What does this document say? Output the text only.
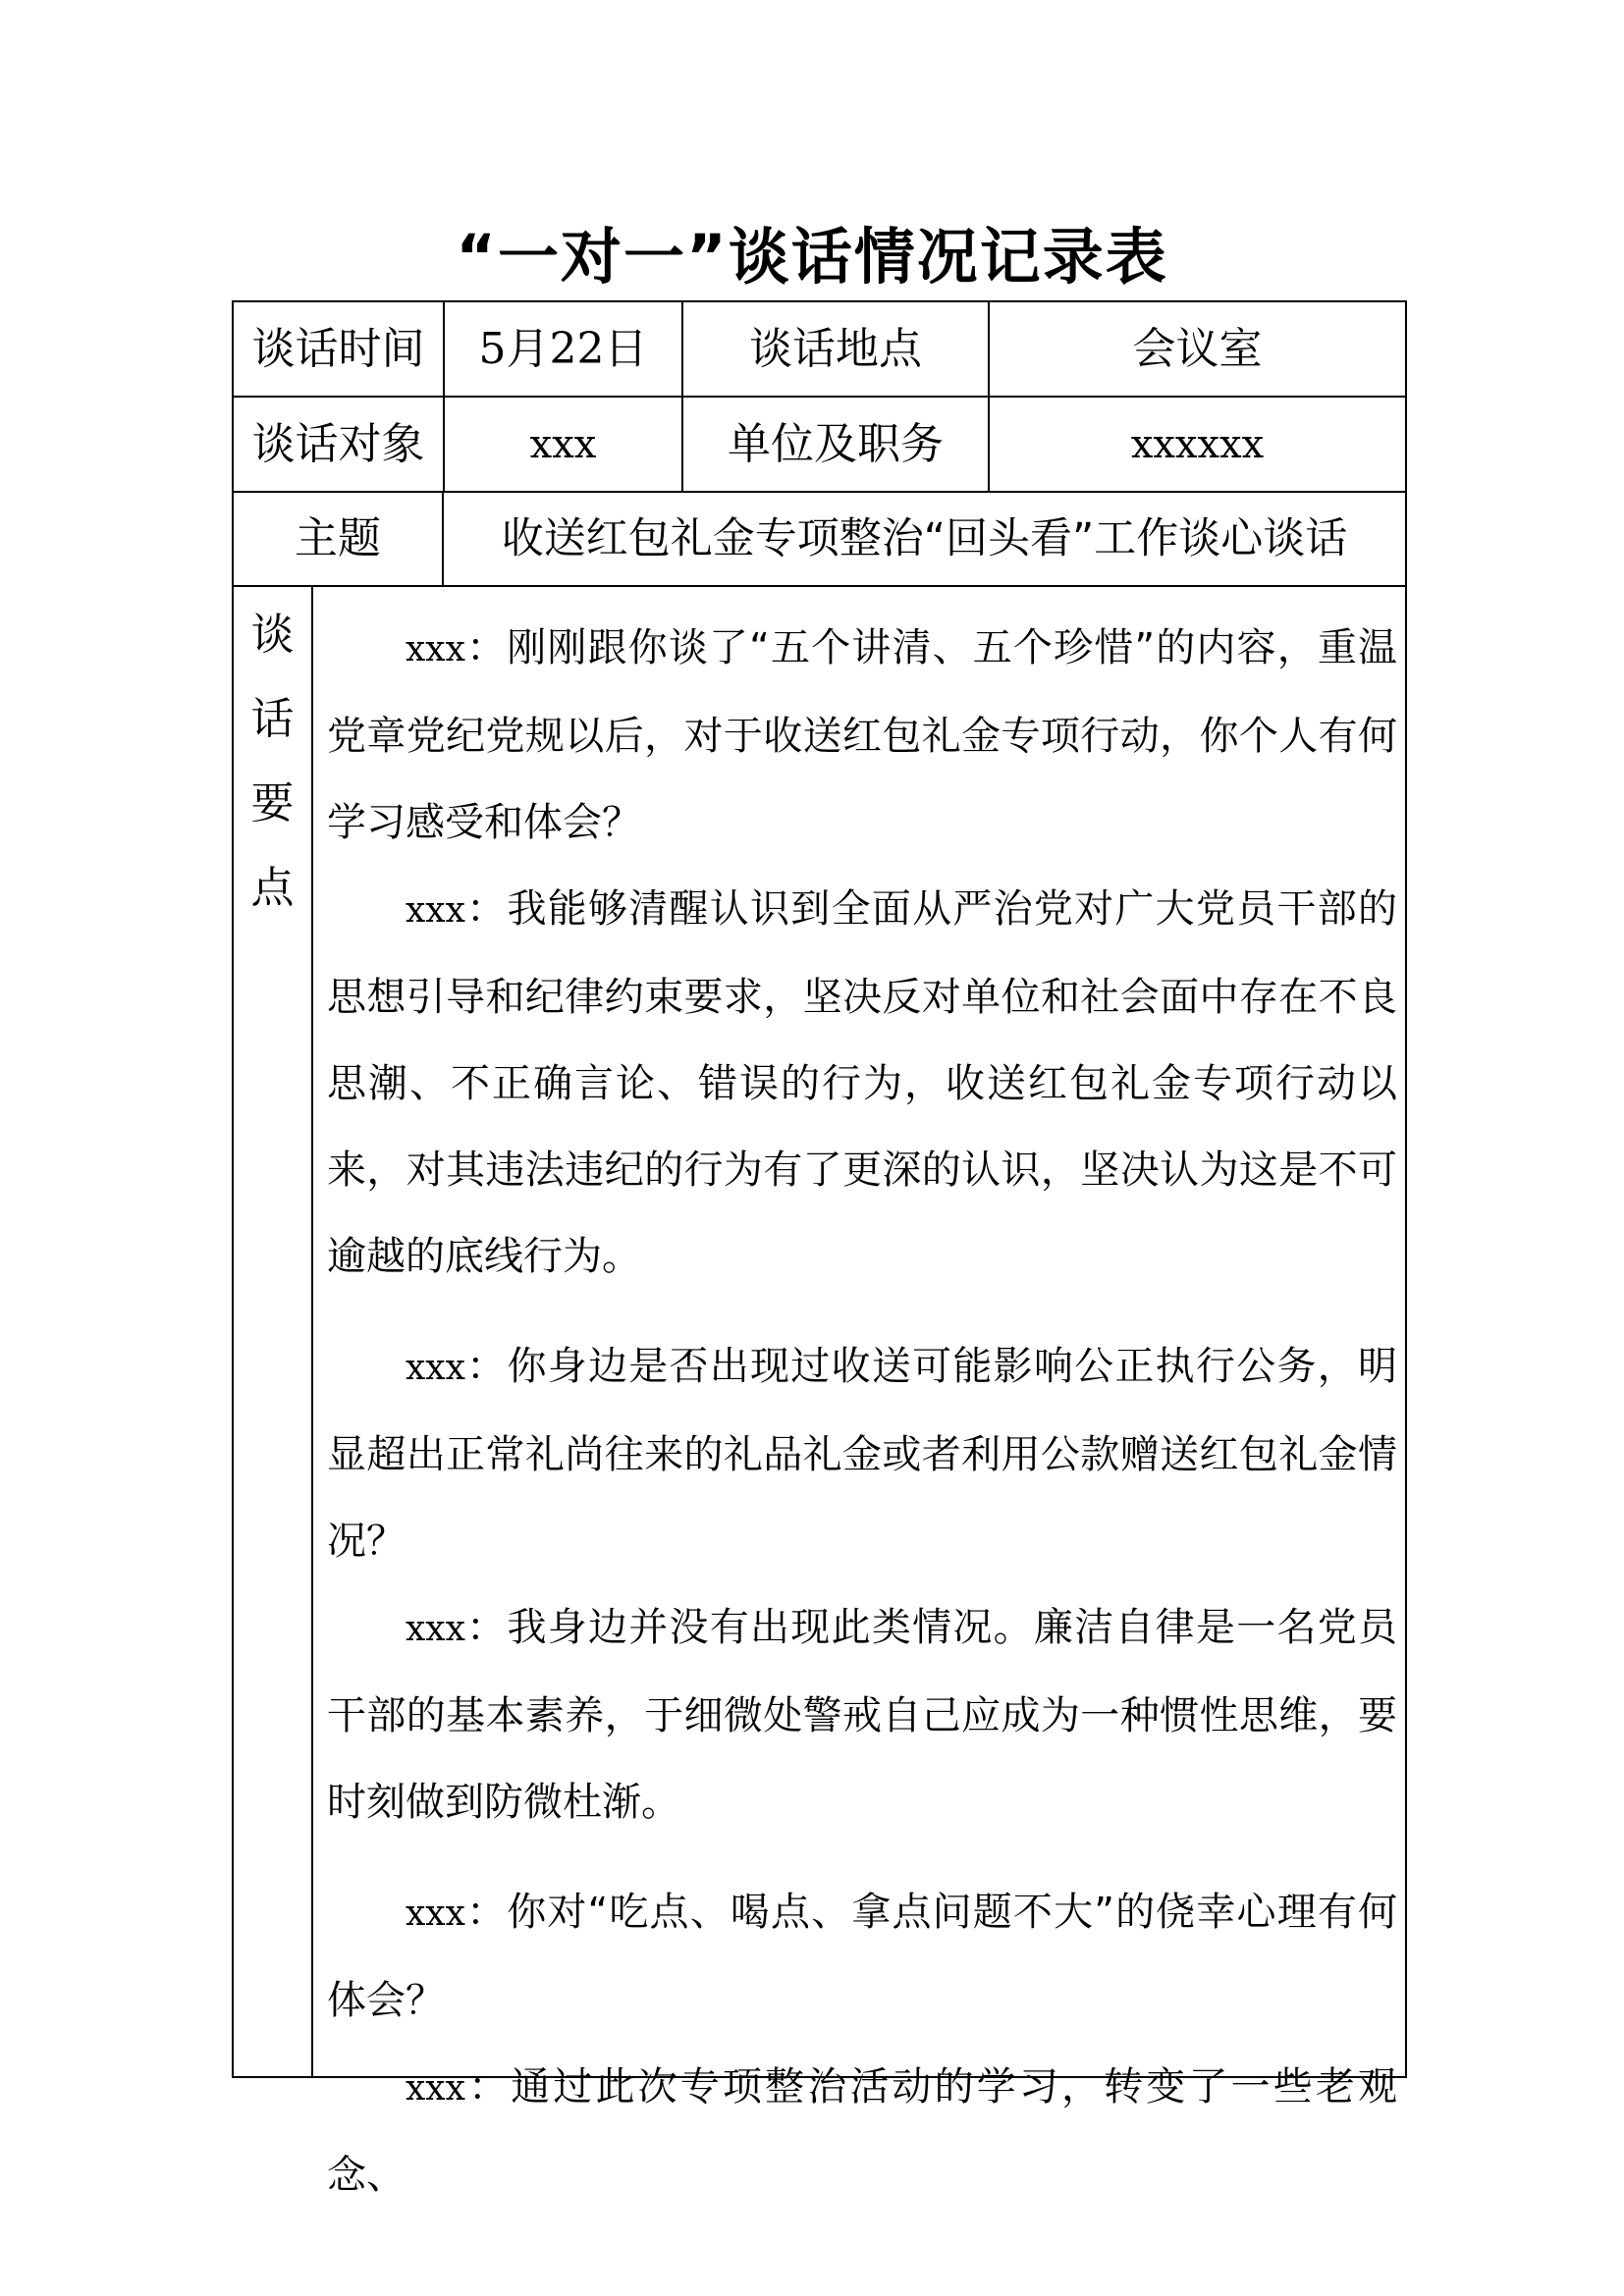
“一对一”谈话情况记录表
谈话时间	5月22日	谈话地点	会议室
谈话对象	xxx	单位及职务	xxxxxx
主题	收送红包礼金专项整治“回头看”工作谈心谈话
谈
话
要
点

xxx：刚刚跟你谈了“五个讲清、五个珍惜”的内容，重温党章党纪党规以后，对于收送红包礼金专项行动，你个人有何学习感受和体会？

xxx：我能够清醒认识到全面从严治党对广大党员干部的思想引导和纪律约束要求，坚决反对单位和社会面中存在不良思潮、不正确言论、错误的行为，收送红包礼金专项行动以来，对其违法违纪的行为有了更深的认识，坚决认为这是不可逾越的底线行为。

xxx：你身边是否出现过收送可能影响公正执行公务，明显超出正常礼尚往来的礼品礼金或者利用公款赠送红包礼金情况？

xxx：我身边并没有出现此类情况。廉洁自律是一名党员干部的基本素养，于细微处警戒自己应成为一种惯性思维，要时刻做到防微杜渐。

xxx：你对“吃点、喝点、拿点问题不大”的侥幸心理有何体会？

xxx：通过此次专项整治活动的学习，转变了一些老观念、
